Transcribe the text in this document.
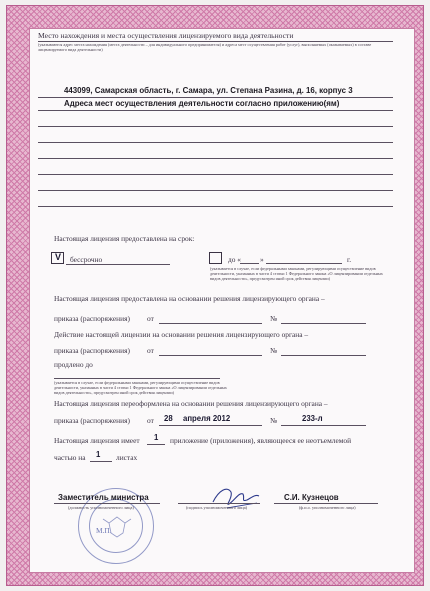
Место нахождения и места осуществления лицензируемого вида деятельности
(указываются адрес места нахождения (места деятельности – для индивидуального предпринимателя) и адреса мест осуществления работ (услуг), выполняемых (оказываемых) в составе лицензируемого вида деятельности)
443099, Самарская область, г. Самара, ул. Степана Разина, д. 16, корпус 3
Адреса мест осуществления деятельности согласно приложению(ям)
Настоящая лицензия предоставлена на срок:
V бессрочно	до «	»	г.
(указывается в случае, если федеральными законами, регулирующими осуществление видов деятельности, указанных в части 4 статьи 1 Федерального закона «О лицензировании отдельных видов деятельности», предусмотрен иной срок действия лицензии)
Настоящая лицензия предоставлена на основании решения лицензирующего органа –
приказа (распоряжения) от	№
Действие настоящей лицензии на основании решения лицензирующего органа –
приказа (распоряжения) от	№
продлено до
(указывается в случае, если федеральными законами, регулирующими осуществление видов деятельности, указанных в части 4 статьи 1 Федерального закона «О лицензировании отдельных видов деятельности», предусмотрен иной срок действия лицензии)
Настоящая лицензия переоформлена на основании решения лицензирующего органа –
приказа (распоряжения) от 28 апреля 2012	№	233-л
Настоящая лицензия имеет 1 приложение (приложения), являющееся ее неотъемлемой
частью на 1 листах
Заместитель министра
(должность уполномоченного лица)
М.П.
(подпись уполномоченного лица)
С.И. Кузнецов
(ф.и.о. уполномоченного лица)
